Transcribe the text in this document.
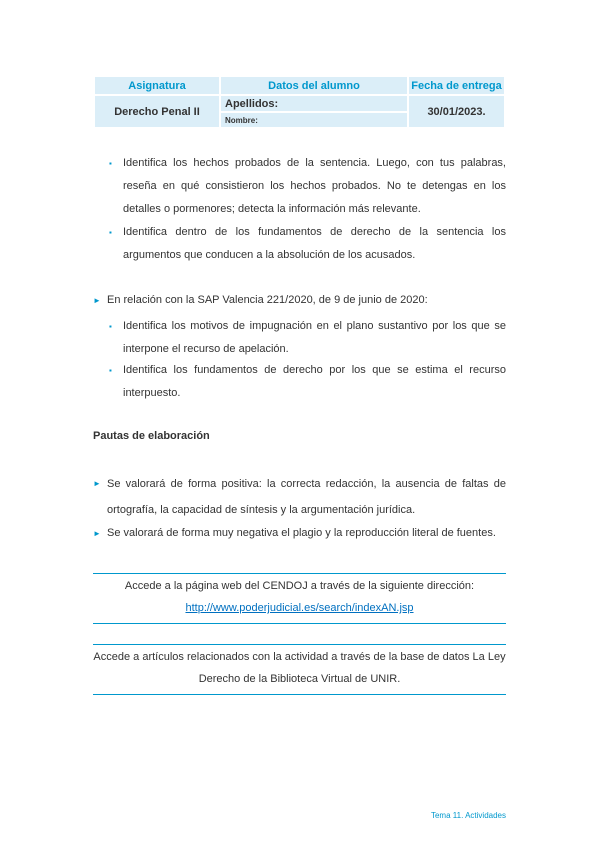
Asignatura	Datos del alumno	Fecha de entrega
Derecho Penal II	Apellidos:	30/01/2023.
	Nombre:	
▪ Identifica los hechos probados de la sentencia. Luego, con tus palabras, reseña en qué consistieron los hechos probados. No te detengas en los detalles o pormenores; detecta la información más relevante.
▪ Identifica dentro de los fundamentos de derecho de la sentencia los argumentos que conducen a la absolución de los acusados.
► En relación con la SAP Valencia 221/2020, de 9 de junio de 2020:
▪ Identifica los motivos de impugnación en el plano sustantivo por los que se interpone el recurso de apelación.
▪ Identifica los fundamentos de derecho por los que se estima el recurso interpuesto.
Pautas de elaboración
► Se valorará de forma positiva: la correcta redacción, la ausencia de faltas de ortografía, la capacidad de síntesis y la argumentación jurídica.
► Se valorará de forma muy negativa el plagio y la reproducción literal de fuentes.
Accede a la página web del CENDOJ a través de la siguiente dirección:
http://www.poderjudicial.es/search/indexAN.jsp
Accede a artículos relacionados con la actividad a través de la base de datos La Ley Derecho de la Biblioteca Virtual de UNIR.
Tema 11. Actividades
